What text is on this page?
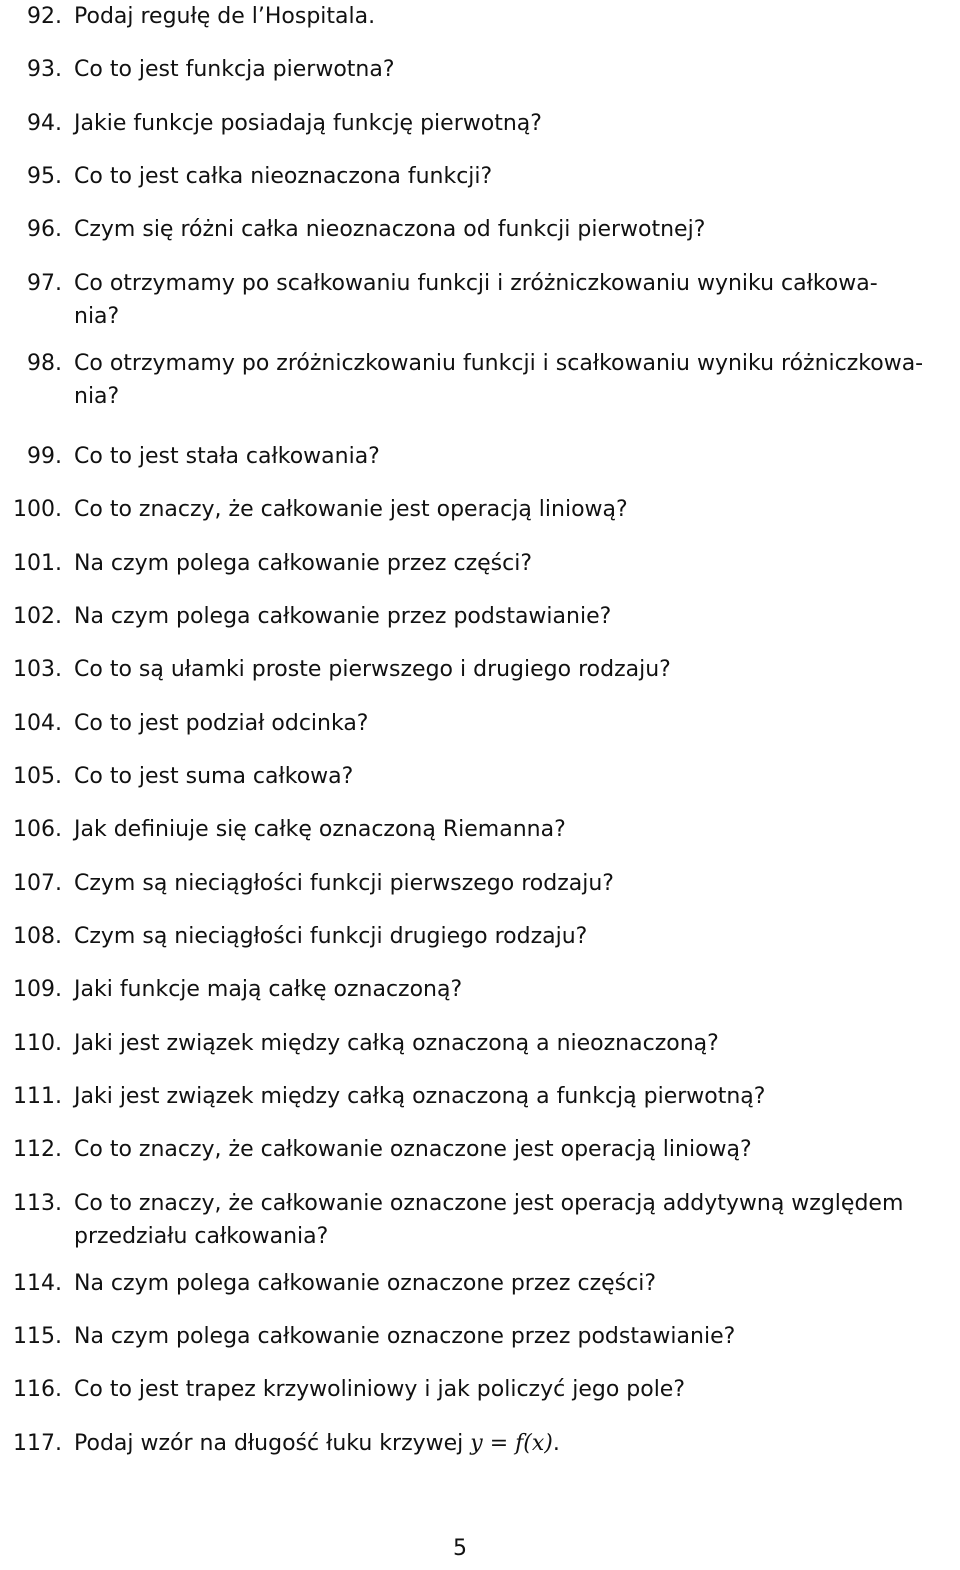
92. Podaj regułę de l’Hospitala.
93. Co to jest funkcja pierwotna?
94. Jakie funkcje posiadają funkcję pierwotną?
95. Co to jest całka nieoznaczona funkcji?
96. Czym się różni całka nieoznaczona od funkcji pierwotnej?
97. Co otrzymamy po scałkowaniu funkcji i zróżniczkowaniu wyniku całkowa-
nia?
98. Co otrzymamy po zróżniczkowaniu funkcji i scałkowaniu wyniku różniczkowa-
nia?
99. Co to jest stała całkowania?
100. Co to znaczy, że całkowanie jest operacją liniową?
101. Na czym polega całkowanie przez części?
102. Na czym polega całkowanie przez podstawianie?
103. Co to są ułamki proste pierwszego i drugiego rodzaju?
104. Co to jest podział odcinka?
105. Co to jest suma całkowa?
106. Jak definiuje się całkę oznaczoną Riemanna?
107. Czym są nieciągłości funkcji pierwszego rodzaju?
108. Czym są nieciągłości funkcji drugiego rodzaju?
109. Jaki funkcje mają całkę oznaczoną?
110. Jaki jest związek między całką oznaczoną a nieoznaczoną?
111. Jaki jest związek między całką oznaczoną a funkcją pierwotną?
112. Co to znaczy, że całkowanie oznaczone jest operacją liniową?
113. Co to znaczy, że całkowanie oznaczone jest operacją addytywną względem
przedziału całkowania?
114. Na czym polega całkowanie oznaczone przez części?
115. Na czym polega całkowanie oznaczone przez podstawianie?
116. Co to jest trapez krzywoliniowy i jak policzyć jego pole?
117. Podaj wzór na długość łuku krzywej y = f(x).
5
